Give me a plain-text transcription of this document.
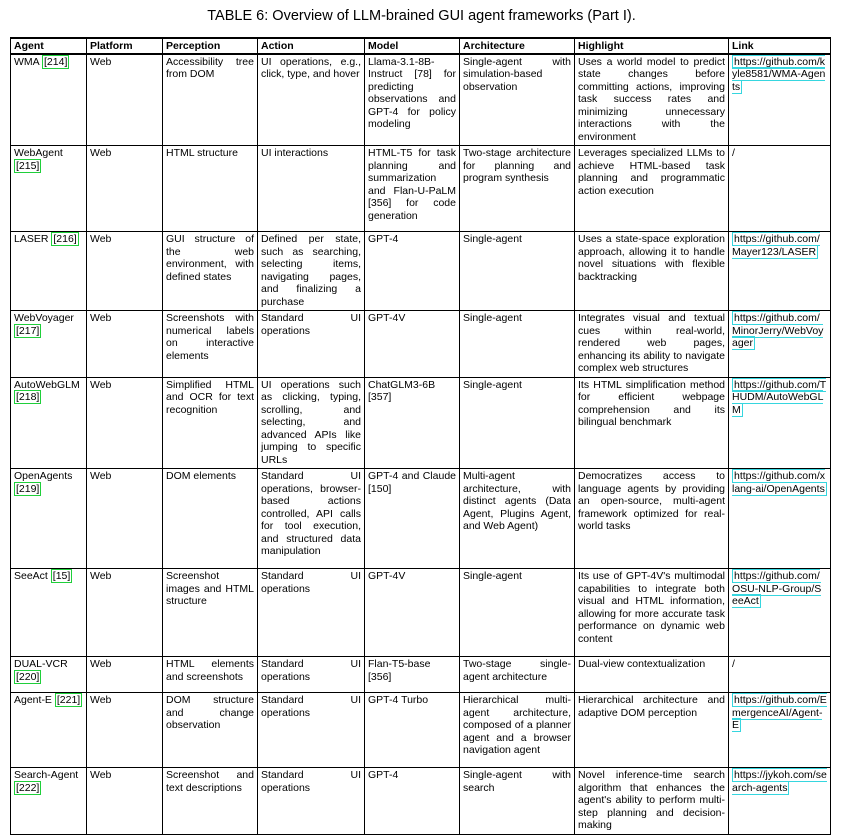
TABLE 6: Overview of LLM-brained GUI agent frameworks (Part I).
Agent	Platform	Perception	Action	Model	Architecture	Highlight	Link
WMA [214]	Web	Accessibility tree from DOM	UI operations, e.g., click, type, and hover	Llama-3.1-8B-Instruct [78] for predicting observations and GPT-4 for policy modeling	Single-agent with simulation-based observation	Uses a world model to predict state changes before committing actions, improving task success rates and minimizing unnecessary interactions with the environment	https://github.com/kyle8581/WMA-Agents
WebAgent [215]	Web	HTML structure	UI interactions	HTML-T5 for task planning and summarization and Flan-U-PaLM [356] for code generation	Two-stage architecture for planning and program synthesis	Leverages specialized LLMs to achieve HTML-based task planning and programmatic action execution	/
LASER [216]	Web	GUI structure of the web environment, with defined states	Defined per state, such as searching, selecting items, navigating pages, and finalizing a purchase	GPT-4	Single-agent	Uses a state-space exploration approach, allowing it to handle novel situations with flexible backtracking	https://github.com/Mayer123/LASER
WebVoyager [217]	Web	Screenshots with numerical labels on interactive elements	Standard UI operations	GPT-4V	Single-agent	Integrates visual and textual cues within real-world, rendered web pages, enhancing its ability to navigate complex web structures	https://github.com/MinorJerry/WebVoyager
AutoWebGLM [218]	Web	Simplified HTML and OCR for text recognition	UI operations such as clicking, typing, scrolling, and selecting, and advanced APIs like jumping to specific URLs	ChatGLM3-6B [357]	Single-agent	Its HTML simplification method for efficient webpage comprehension and its bilingual benchmark	https://github.com/THUDM/AutoWebGLM
OpenAgents [219]	Web	DOM elements	Standard UI operations, browser-based actions controlled, API calls for tool execution, and structured data manipulation	GPT-4 and Claude [150]	Multi-agent architecture, with distinct agents (Data Agent, Plugins Agent, and Web Agent)	Democratizes access to language agents by providing an open-source, multi-agent framework optimized for real-world tasks	https://github.com/xlang-ai/OpenAgents
SeeAct [15]	Web	Screenshot images and HTML structure	Standard UI operations	GPT-4V	Single-agent	Its use of GPT-4V's multimodal capabilities to integrate both visual and HTML information, allowing for more accurate task performance on dynamic web content	https://github.com/OSU-NLP-Group/SeeAct
DUAL-VCR [220]	Web	HTML elements and screenshots	Standard UI operations	Flan-T5-base [356]	Two-stage single-agent architecture	Dual-view contextualization	/
Agent-E [221]	Web	DOM structure and change observation	Standard UI operations	GPT-4 Turbo	Hierarchical multi-agent architecture, composed of a planner agent and a browser navigation agent	Hierarchical architecture and adaptive DOM perception	https://github.com/EmergenceAI/Agent-E
Search-Agent [222]	Web	Screenshot and text descriptions	Standard UI operations	GPT-4	Single-agent with search	Novel inference-time search algorithm that enhances the agent's ability to perform multi-step planning and decision-making	https://jykoh.com/search-agents
